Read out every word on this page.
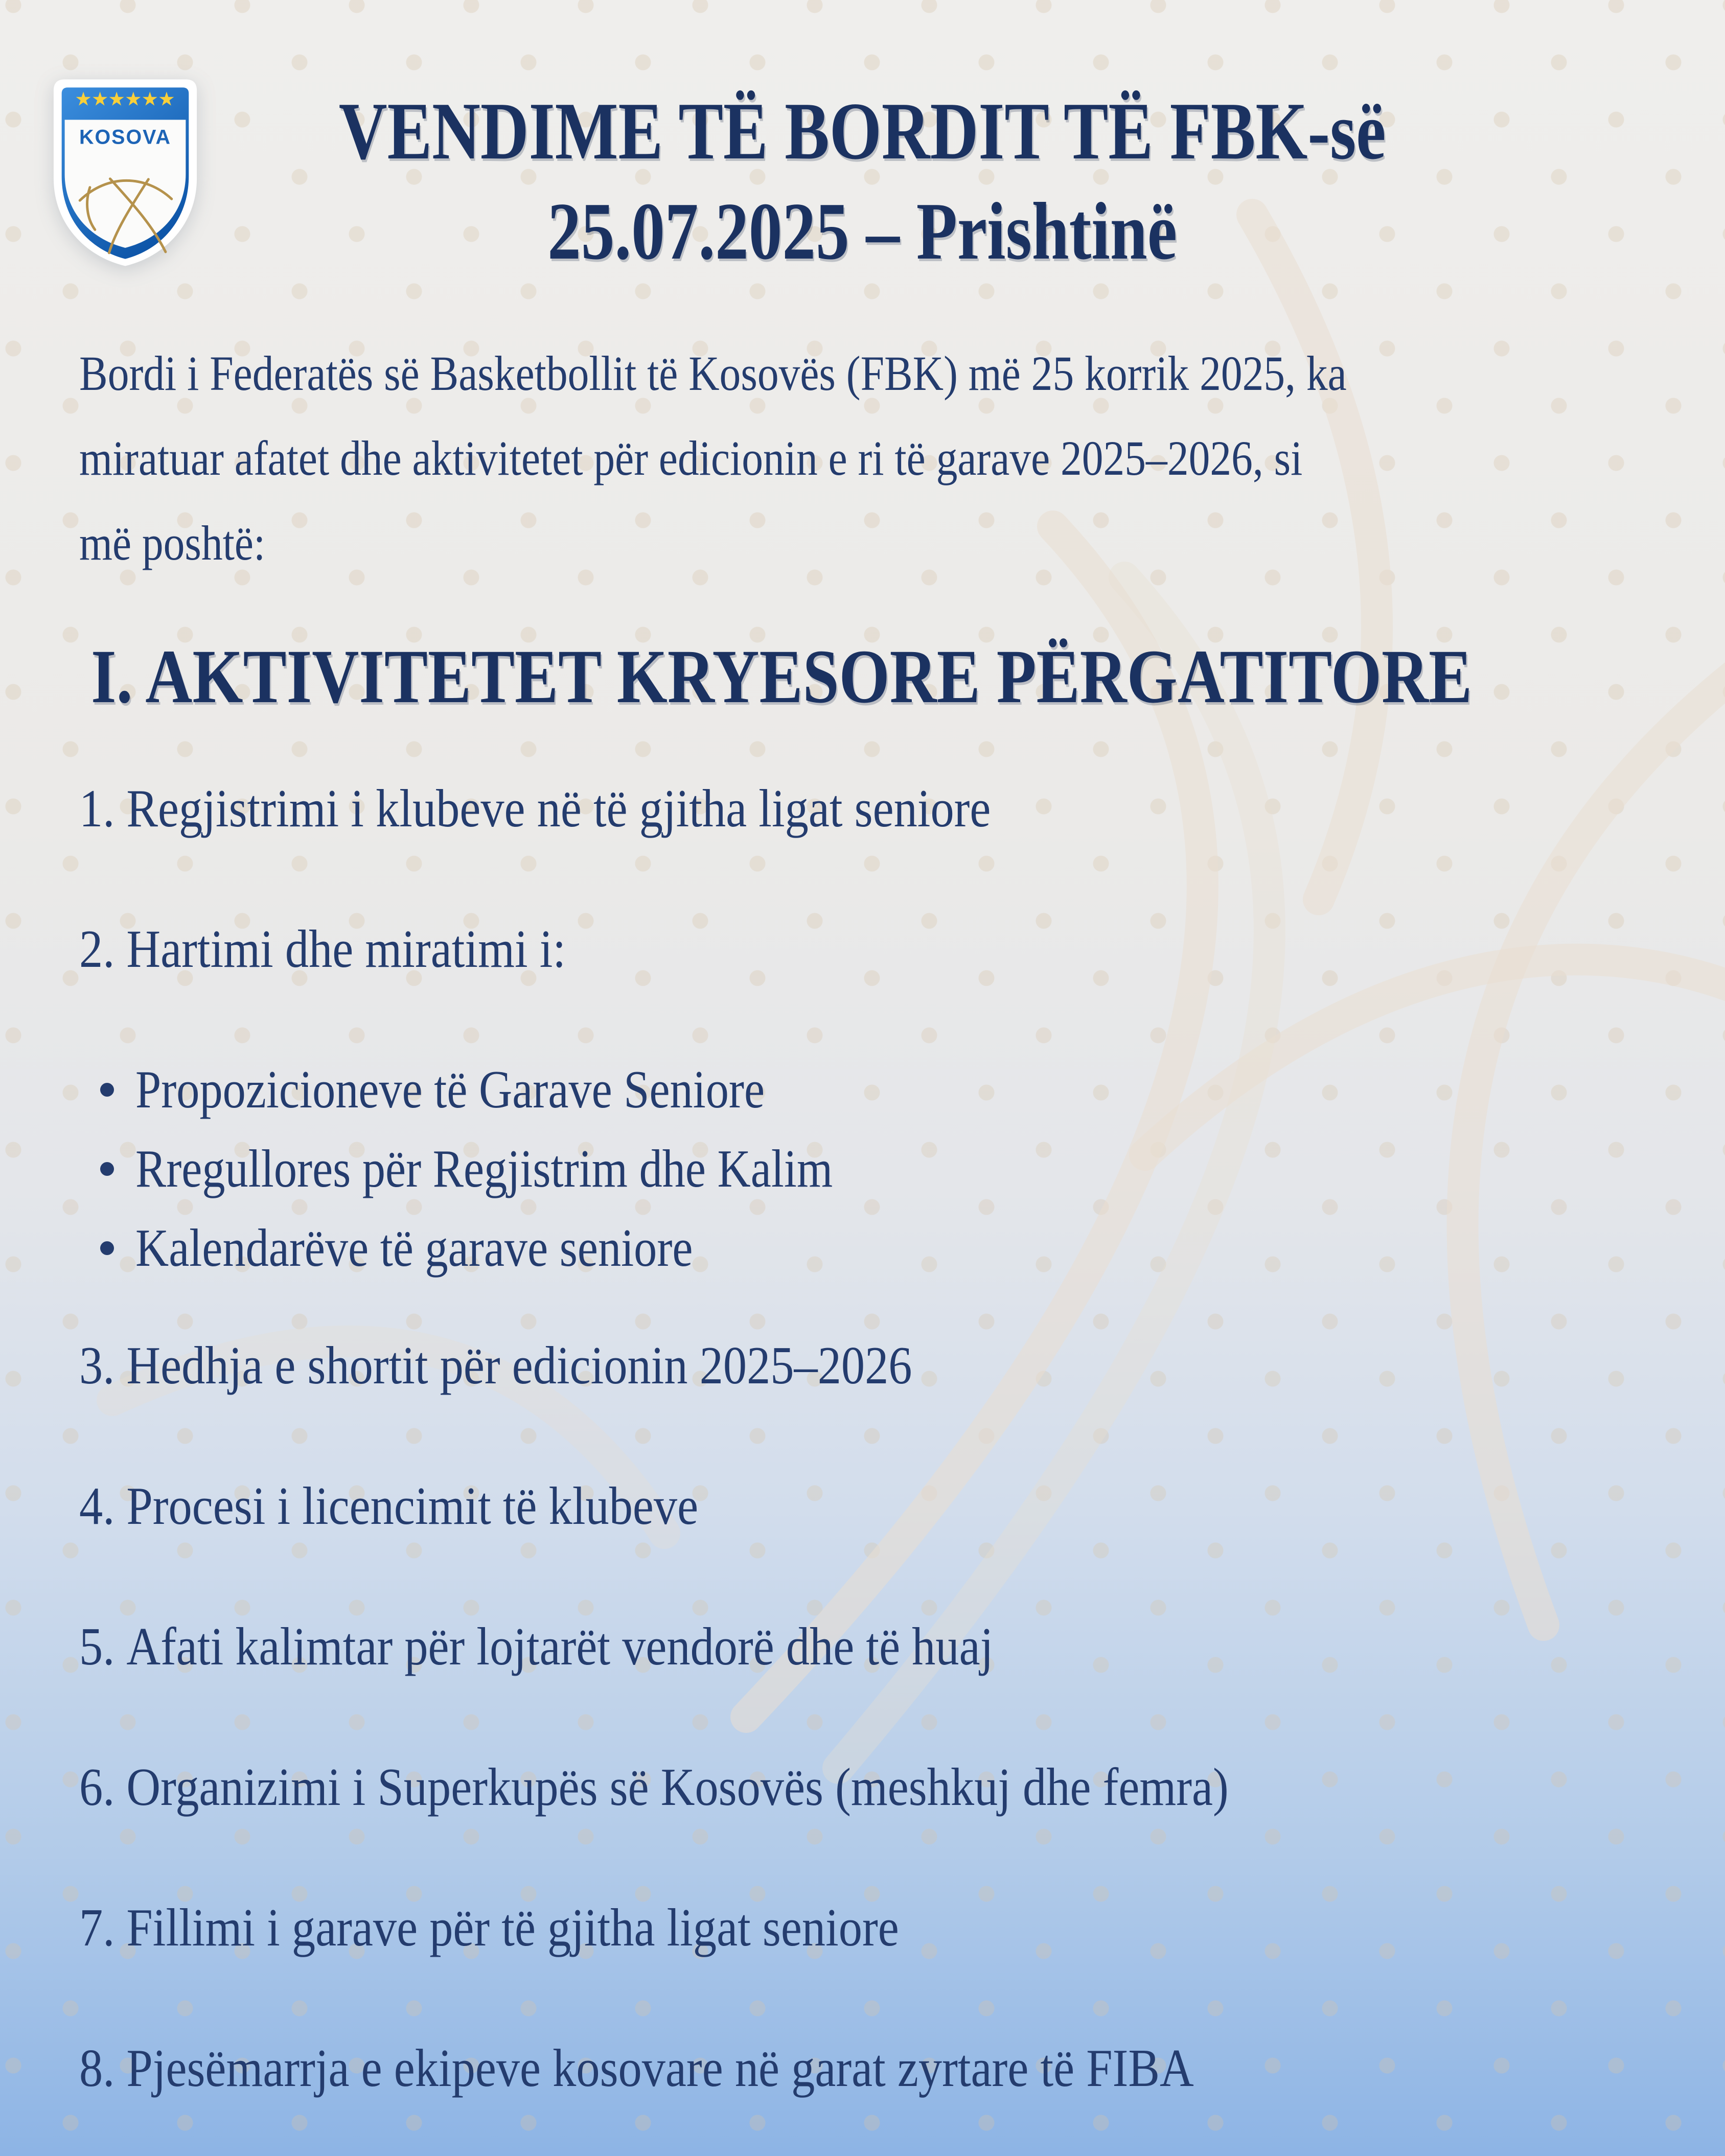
★
★
★
★
★
★
KOSOVA	VENDIME TË BORDIT TË FBK-së
25.07.2025 – Prishtinë
Bordi i Federatës së Basketbollit të Kosovës (FBK) më 25 korrik 2025, ka
miratuar afatet dhe aktivitetet për edicionin e ri të garave 2025–2026, si
më poshtë:
I. AKTIVITETET KRYESORE PËRGATITORE
1. Regjistrimi i klubeve në të gjitha ligat seniore
2. Hartimi dhe miratimi i:
Propozicioneve të Garave Seniore
Rregullores për Regjistrim dhe Kalim
Kalendarëve të garave seniore
3. Hedhja e shortit për edicionin 2025–2026
4. Procesi i licencimit të klubeve
5. Afati kalimtar për lojtarët vendorë dhe të huaj
6. Organizimi i Superkupës së Kosovës (meshkuj dhe femra)
7. Fillimi i garave për të gjitha ligat seniore
8. Pjesëmarrja e ekipeve kosovare në garat zyrtare të FIBA
